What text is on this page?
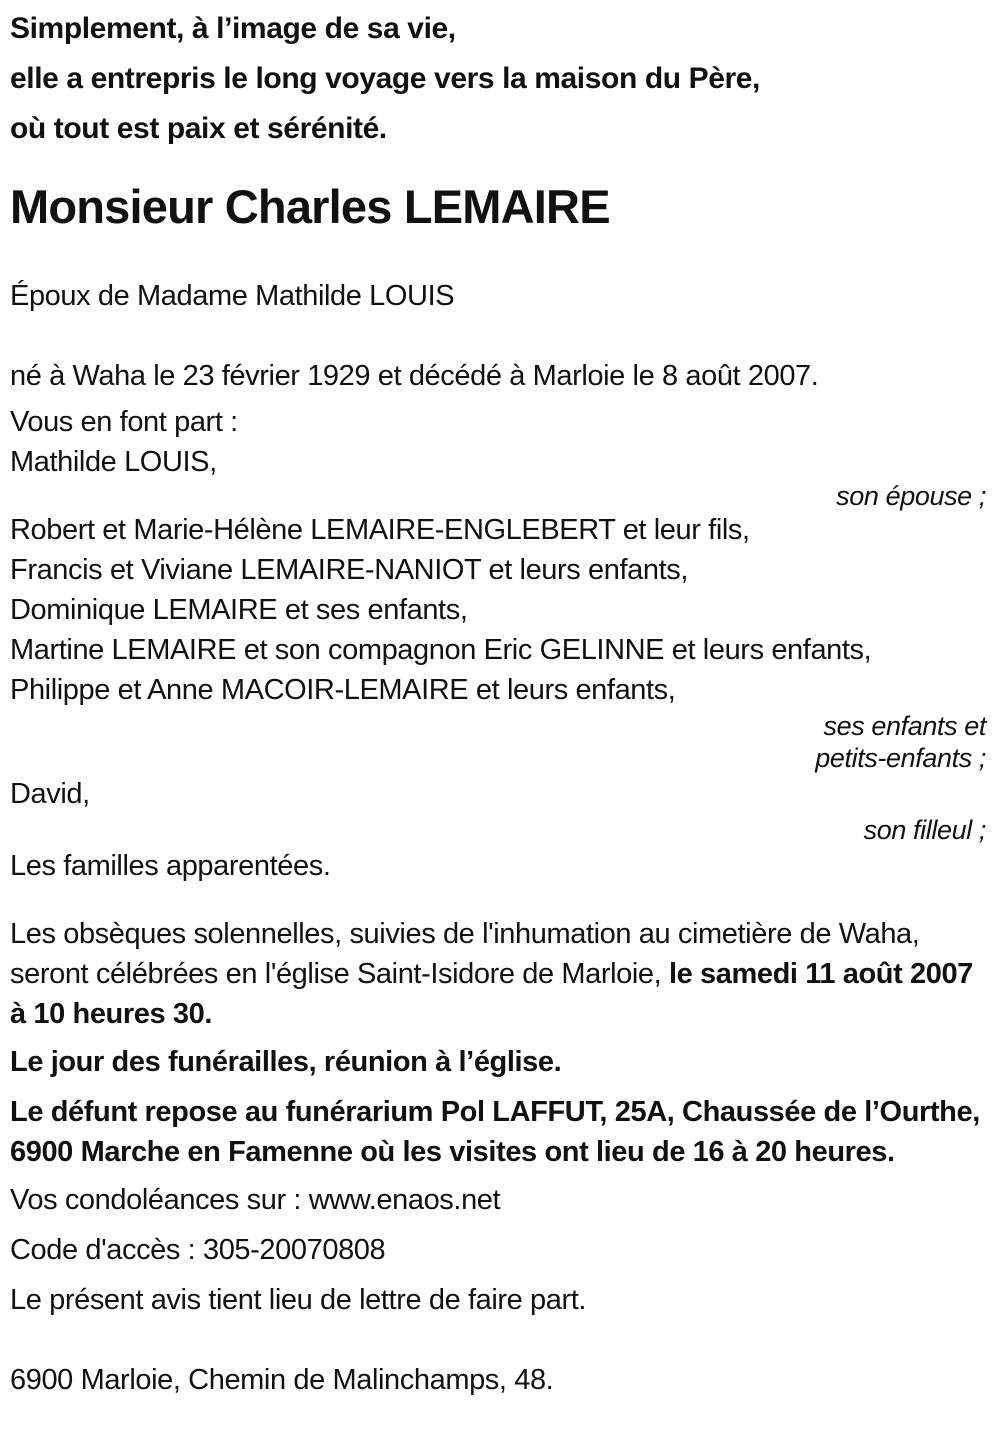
Simplement, à l’image de sa vie,

elle a entrepris le long voyage vers la maison du Père,

où tout est paix et sérénité.

Monsieur Charles LEMAIRE

Époux de Madame Mathilde LOUIS

né à Waha le 23 février 1929 et décédé à Marloie le 8 août 2007.

Vous en font part :

Mathilde LOUIS,

son épouse ;

Robert et Marie-Hélène LEMAIRE-ENGLEBERT et leur fils,

Francis et Viviane LEMAIRE-NANIOT et leurs enfants,

Dominique LEMAIRE et ses enfants,

Martine LEMAIRE et son compagnon Eric GELINNE et leurs enfants,

Philippe et Anne MACOIR-LEMAIRE et leurs enfants,

ses enfants et

petits-enfants ;

David,

son filleul ;

Les familles apparentées.

Les obsèques solennelles, suivies de l'inhumation au cimetière de Waha, seront célébrées en l'église Saint-Isidore de Marloie, le samedi 11 août 2007 à 10 heures 30.

Le jour des funérailles, réunion à l’église.

Le défunt repose au funérarium Pol LAFFUT, 25A, Chaussée de l’Ourthe, 6900 Marche en Famenne où les visites ont lieu de 16 à 20 heures.

Vos condoléances sur : www.enaos.net

Code d'accès : 305-20070808

Le présent avis tient lieu de lettre de faire part.

6900 Marloie, Chemin de Malinchamps, 48.
